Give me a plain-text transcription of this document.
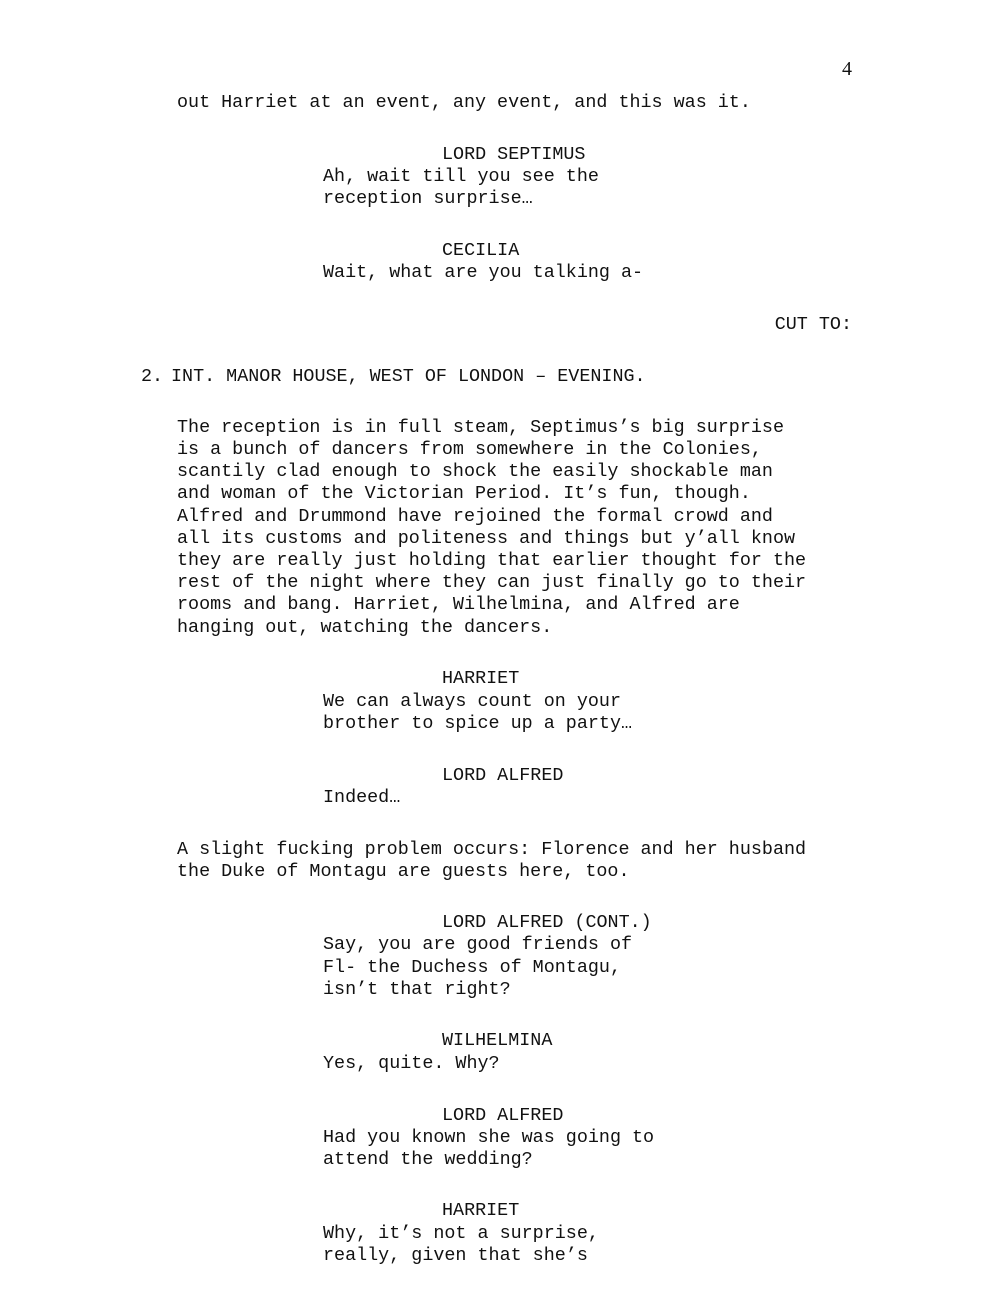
4
out Harriet at an event, any event, and this was it.
LORD SEPTIMUS
Ah, wait till you see the
reception surprise…
CECILIA
Wait, what are you talking a-
CUT TO:
2. INT. MANOR HOUSE, WEST OF LONDON – EVENING.
The reception is in full steam, Septimus’s big surprise
is a bunch of dancers from somewhere in the Colonies,
scantily clad enough to shock the easily shockable man
and woman of the Victorian Period. It’s fun, though.
Alfred and Drummond have rejoined the formal crowd and
all its customs and politeness and things but y’all know
they are really just holding that earlier thought for the
rest of the night where they can just finally go to their
rooms and bang. Harriet, Wilhelmina, and Alfred are
hanging out, watching the dancers.
HARRIET
We can always count on your
brother to spice up a party…
LORD ALFRED
Indeed…
A slight fucking problem occurs: Florence and her husband
the Duke of Montagu are guests here, too.
LORD ALFRED (CONT.)
Say, you are good friends of
Fl- the Duchess of Montagu,
isn’t that right?
WILHELMINA
Yes, quite. Why?
LORD ALFRED
Had you known she was going to
attend the wedding?
HARRIET
Why, it’s not a surprise,
really, given that she’s
